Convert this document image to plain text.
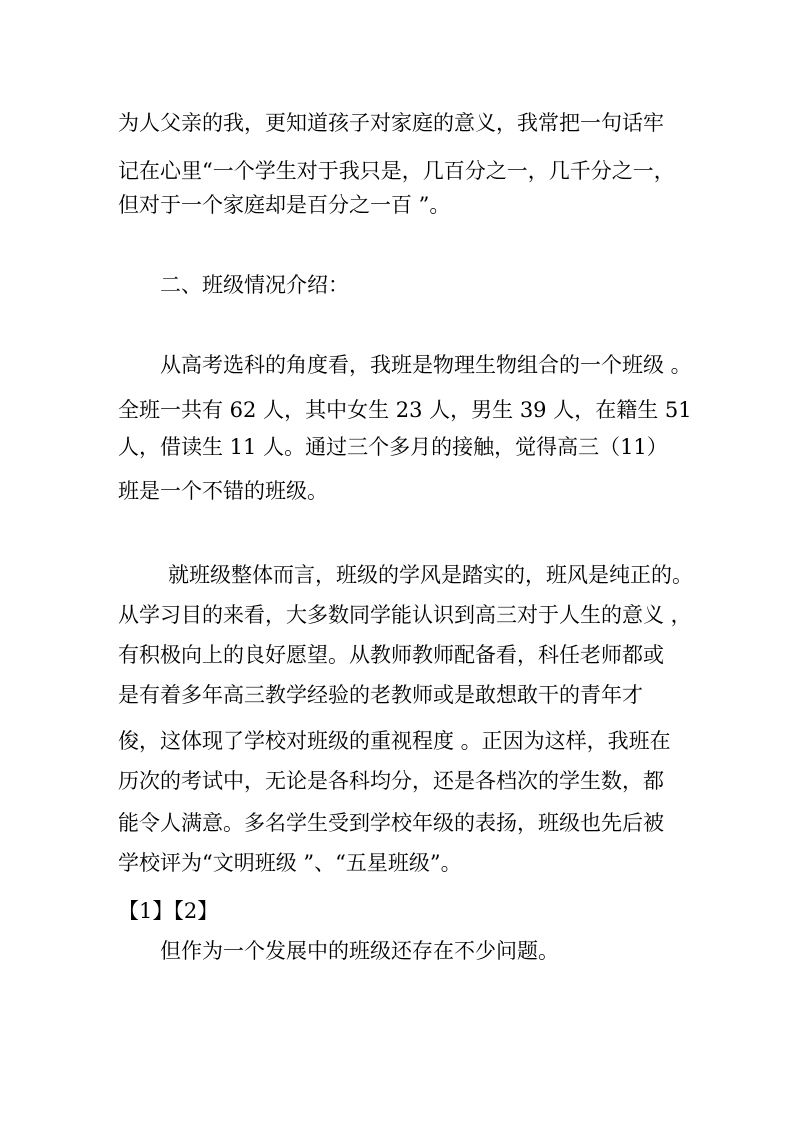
为人父亲的我，更知道孩子对家庭的意义，我常把一句话牢
记在心里“一个学生对于我只是，几百分之一，几千分之一，
但对于一个家庭却是百分之一百 ”。
二、班级情况介绍：
从高考选科的角度看，我班是物理生物组合的一个班级 。
全班一共有 62 人，其中女生 23 人，男生 39 人，在籍生 51
人，借读生 11 人。通过三个多月的接触，觉得高三（11）
班是一个不错的班级。
就班级整体而言，班级的学风是踏实的，班风是纯正的。
从学习目的来看，大多数同学能认识到高三对于人生的意义 ，
有积极向上的良好愿望。从教师教师配备看，科任老师都或
是有着多年高三教学经验的老教师或是敢想敢干的青年才
俊，这体现了学校对班级的重视程度 。正因为这样，我班在
历次的考试中，无论是各科均分，还是各档次的学生数，都
能令人满意。多名学生受到学校年级的表扬，班级也先后被
学校评为“文明班级 ”、“五星班级”。
【1】【2】
但作为一个发展中的班级还存在不少问题。
